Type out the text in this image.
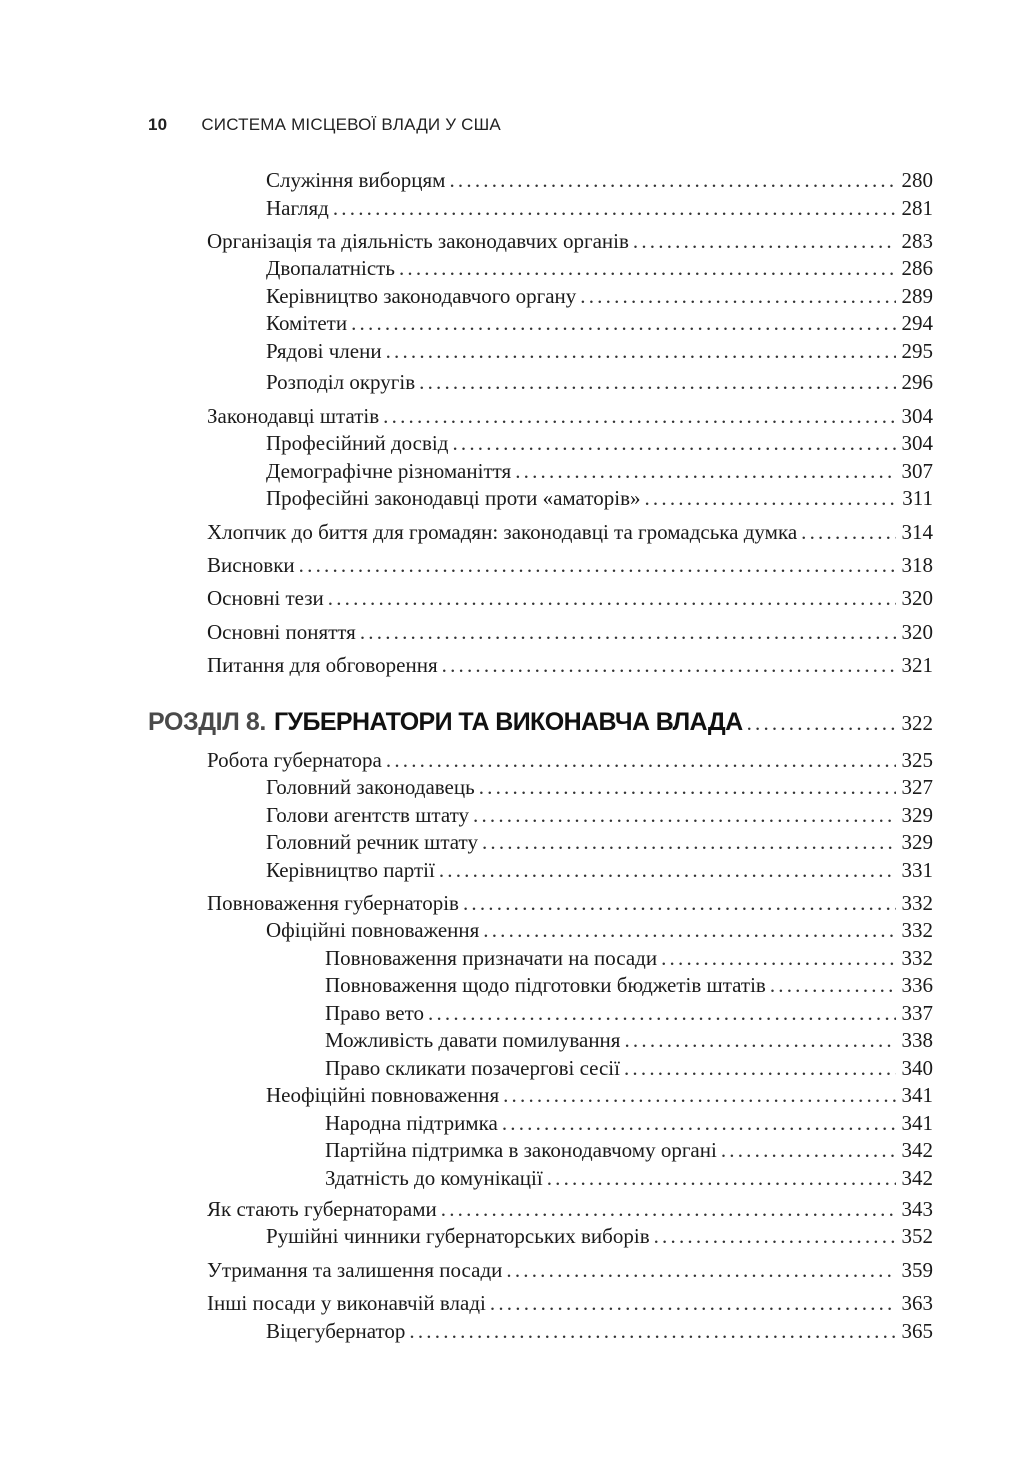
10 СИСТЕМА МІСЦЕВОЇ ВЛАДИ У США
Служіння виборцям .....	280
Нагляд .....	281
Організація та діяльність законодавчих органів .....	283
Двопалатність .....	286
Керівництво законодавчого органу .....	289
Комітети .....	294
Рядові члени .....	295
Розподіл округів .....	296
Законодавці штатів .....	304
Професійний досвід .....	304
Демографічне різноманіття .....	307
Професійні законодавці проти «аматорів» .....	311
Хлопчик до биття для громадян: законодавці та громадська думка .....	314
Висновки .....	318
Основні тези .....	320
Основні поняття .....	320
Питання для обговорення .....	321
РОЗДІЛ 8. ГУБЕРНАТОРИ ТА ВИКОНАВЧА ВЛАДА .....	322
Робота губернатора .....	325
Головний законодавець .....	327
Голови агентств штату .....	329
Головний речник штату .....	329
Керівництво партії .....	331
Повноваження губернаторів .....	332
Офіційні повноваження .....	332
Повноваження призначати на посади .....	332
Повноваження щодо підготовки бюджетів штатів .....	336
Право вето .....	337
Можливість давати помилування .....	338
Право скликати позачергові сесії .....	340
Неофіційні повноваження .....	341
Народна підтримка .....	341
Партійна підтримка в законодавчому органі .....	342
Здатність до комунікації .....	342
Як стають губернаторами .....	343
Рушійні чинники губернаторських виборів .....	352
Утримання та залишення посади .....	359
Інші посади у виконавчій владі .....	363
Віцегубернатор .....	365
